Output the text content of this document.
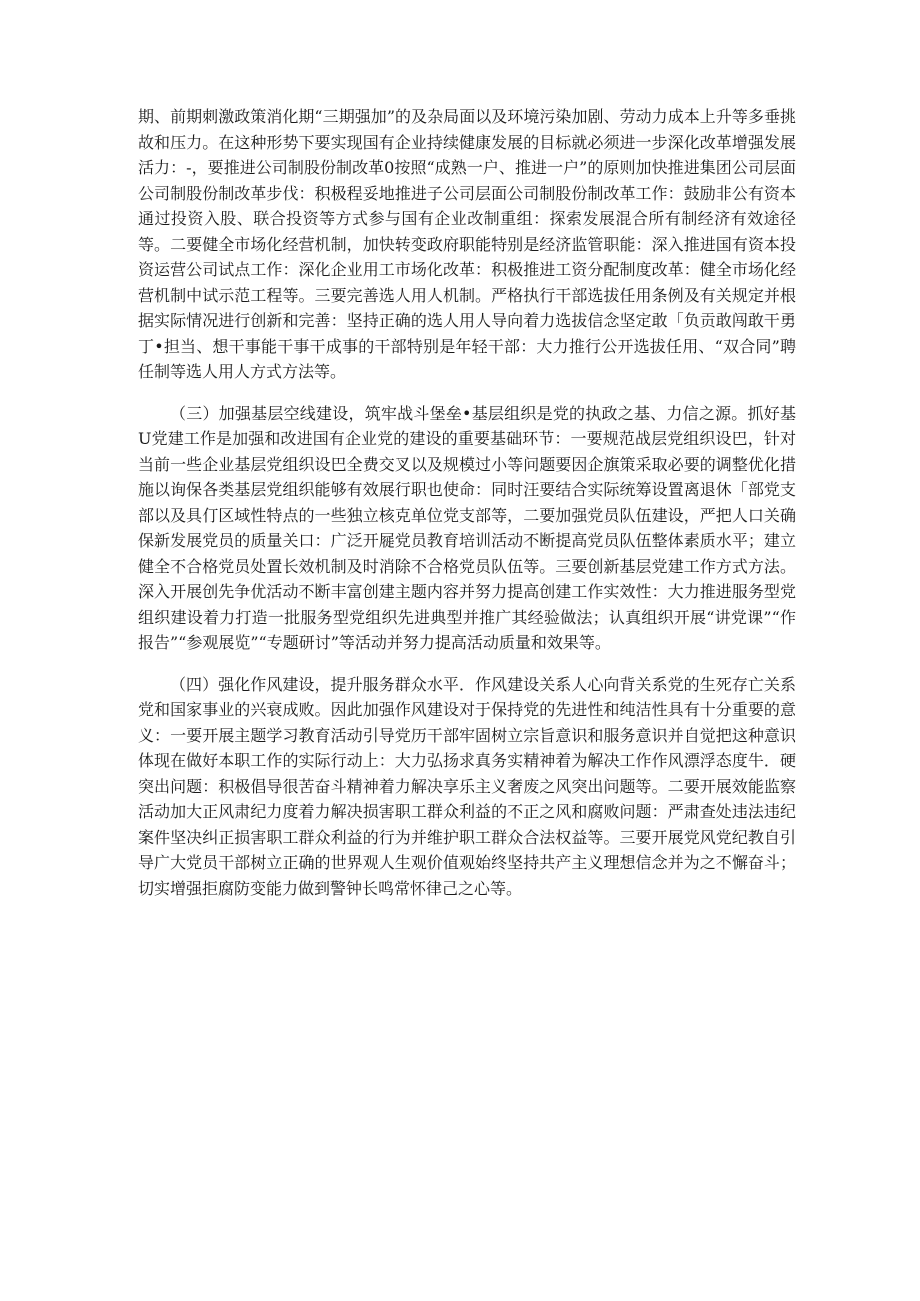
期、前期刺激政策消化期“三期强加”的及杂局面以及环境污染加剧、劳动力成本上升等多垂挑故和压力。在这种形势下要实现国有企业持续健康发展的目标就必须进一步深化改革增强发展活力：-，要推进公司制股份制改革0按照“成熟一户、推进一户”的原则加快推进集团公司层面公司制股份制改革步伐：积极程妥地推进子公司层面公司制股份制改革工作：鼓励非公有资本通过投资入股、联合投资等方式参与国有企业改制重组：探索发展混合所有制经济有效途径等。二要健全市场化经营机制，加快转变政府职能特别是经济监管职能：深入推进国有资本投资运营公司试点工作：深化企业用工市场化改革：积极推进工资分配制度改革：健全市场化经营机制中试示范工程等。三要完善选人用人机制。严格执行干部选拔任用条例及有关规定并根据实际情况进行创新和完善：坚持正确的选人用人导向着力选拔信念坚定敢「负贡敢闯敢干勇丁•担当、想干事能干事干成事的干部特别是年轻干部：大力推行公开选拔任用、“双合同”聘任制等选人用人方式方法等。

（三）加强基层空线建设，筑牢战斗堡垒•基层组织是党的执政之基、力信之源。抓好基U党建工作是加强和改进国有企业党的建设的重要基础环节：一要规范战层党组织设巴，针对当前一些企业基层党组织设巴全费交叉以及规模过小等问题要因企旗策采取必要的调整优化措施以询保各类基层党组织能够有效展行职也使命：同时汪要结合实际统筹设置离退休「部党支部以及具仃区域性特点的一些独立核克单位党支部等，二要加强党员队伍建设，严把人口关确保新发展党员的质量关口：广泛开屣党员教育培训活动不断提高党员队伍整体素质水平；建立健全不合格党员处置长效机制及时消除不合格党员队伍等。三要创新基层党建工作方式方法。深入开展创先争优活动不断丰富创建主题内容并努力提高创建工作实效性：大力推进服务型党组织建设着力打造一批服务型党组织先进典型并推广其经验做法；认真组织开展“讲党课”“作报告”“参观展览”“专题研讨”等活动并努力提高活动质量和效果等。

（四）强化作风建设，提升服务群众水平．作风建设关系人心向背关系党的生死存亡关系党和国家事业的兴衰成败。因此加强作风建设对于保持党的先进性和纯洁性具有十分重要的意义：一要开展主题学习教育活动引导党历干部牢固树立宗旨意识和服务意识并自觉把这种意识体现在做好本职工作的实际行动上：大力弘扬求真务实精神着为解决工作作风漂浮态度牛．硬突出问题：积极倡导很苦奋斗精神着力解决享乐主义奢废之风突出问题等。二要开展效能监察活动加大正风肃纪力度着力解决损害职工群众利益的不正之风和腐败问题：严肃查处违法违纪案件坚决纠正损害职工群众利益的行为并维护职工群众合法权益等。三要开展党风党纪教自引导广大党员干部树立正确的世界观人生观价值观始终坚持共产主义理想信念并为之不懈奋斗；切实增强拒腐防变能力做到警钟长鸣常怀律己之心等。
